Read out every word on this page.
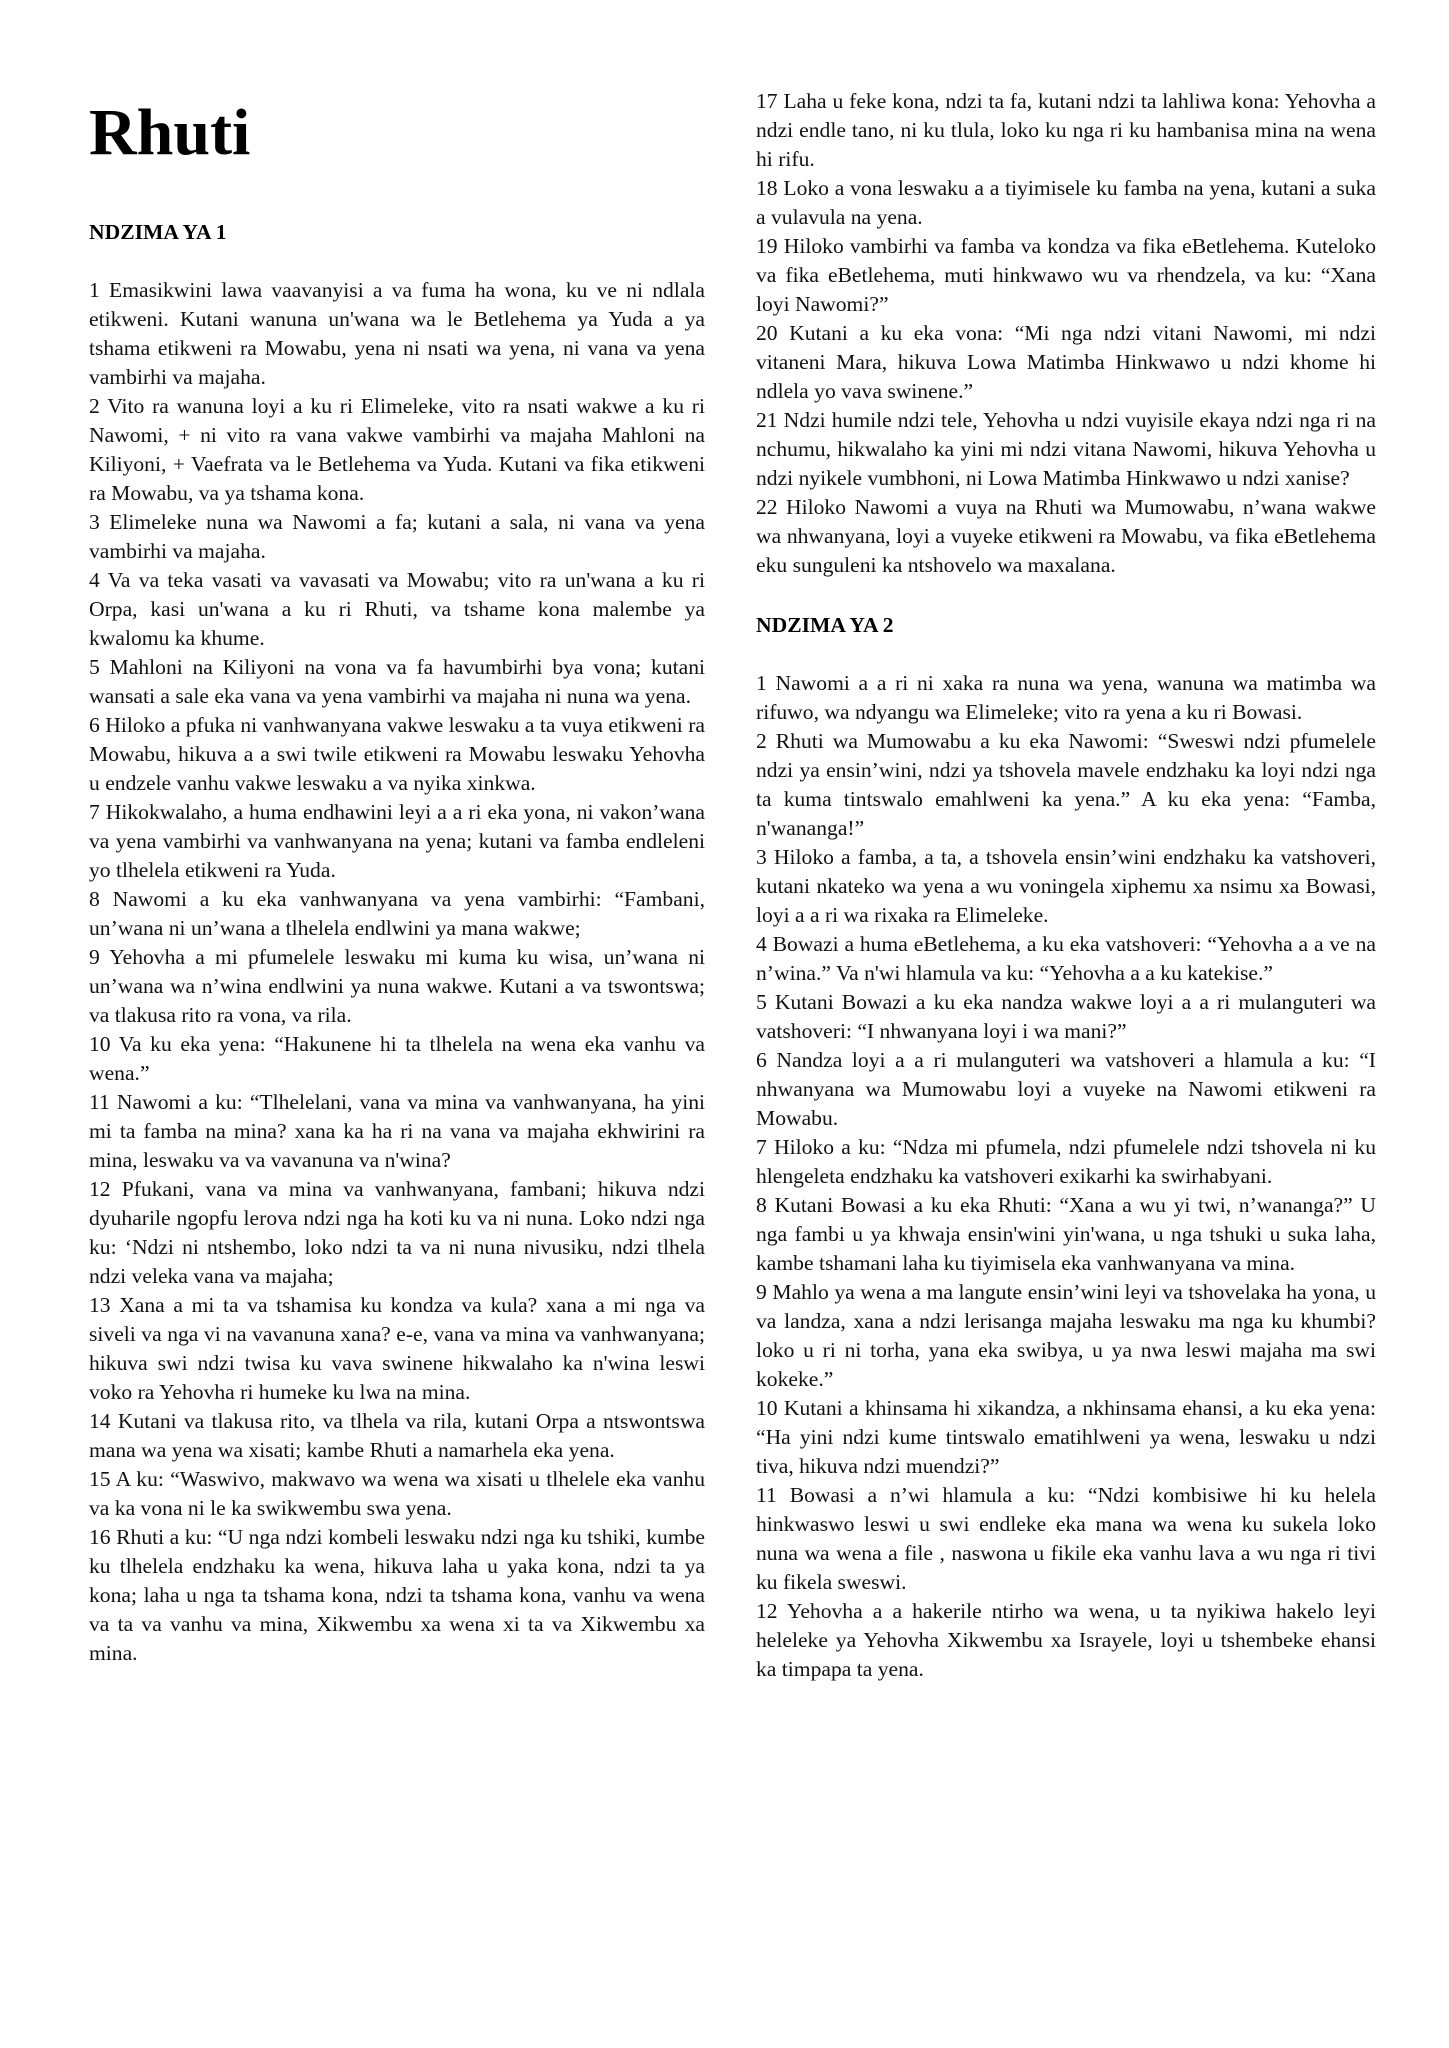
Rhuti
NDZIMA YA 1

1 Emasikwini lawa vaavanyisi a va fuma ha wona, ku ve ni ndlala etikweni. Kutani wanuna un'wana wa le Betlehema ya Yuda a ya tshama etikweni ra Mowabu, yena ni nsati wa yena, ni vana va yena vambirhi va majaha.

2 Vito ra wanuna loyi a ku ri Elimeleke, vito ra nsati wakwe a ku ri Nawomi, + ni vito ra vana vakwe vambirhi va majaha Mahloni na Kiliyoni, + Vaefrata va le Betlehema va Yuda. Kutani va fika etikweni ra Mowabu, va ya tshama kona.

3 Elimeleke nuna wa Nawomi a fa; kutani a sala, ni vana va yena vambirhi va majaha.

4 Va va teka vasati va vavasati va Mowabu; vito ra un'wana a ku ri Orpa, kasi un'wana a ku ri Rhuti, va tshame kona malembe ya kwalomu ka khume.

5 Mahloni na Kiliyoni na vona va fa havumbirhi bya vona; kutani wansati a sale eka vana va yena vambirhi va majaha ni nuna wa yena.

6 Hiloko a pfuka ni vanhwanyana vakwe leswaku a ta vuya etikweni ra Mowabu, hikuva a a swi twile etikweni ra Mowabu leswaku Yehovha u endzele vanhu vakwe leswaku a va nyika xinkwa.

7 Hikokwalaho, a huma endhawini leyi a a ri eka yona, ni vakon’wana va yena vambirhi va vanhwanyana na yena; kutani va famba endleleni yo tlhelela etikweni ra Yuda.

8 Nawomi a ku eka vanhwanyana va yena vambirhi: “Fambani, un’wana ni un’wana a tlhelela endlwini ya mana wakwe;

9 Yehovha a mi pfumelele leswaku mi kuma ku wisa, un’wana ni un’wana wa n’wina endlwini ya nuna wakwe. Kutani a va tswontswa; va tlakusa rito ra vona, va rila.

10 Va ku eka yena: “Hakunene hi ta tlhelela na wena eka vanhu va wena.”

11 Nawomi a ku: “Tlhelelani, vana va mina va vanhwanyana, ha yini mi ta famba na mina? xana ka ha ri na vana va majaha ekhwirini ra mina, leswaku va va vavanuna va n'wina?

12 Pfukani, vana va mina va vanhwanyana, fambani; hikuva ndzi dyuharile ngopfu lerova ndzi nga ha koti ku va ni nuna. Loko ndzi nga ku: ‘Ndzi ni ntshembo, loko ndzi ta va ni nuna nivusiku, ndzi tlhela ndzi veleka vana va majaha;

13 Xana a mi ta va tshamisa ku kondza va kula? xana a mi nga va siveli va nga vi na vavanuna xana? e-e, vana va mina va vanhwanyana; hikuva swi ndzi twisa ku vava swinene hikwalaho ka n'wina leswi voko ra Yehovha ri humeke ku lwa na mina.

14 Kutani va tlakusa rito, va tlhela va rila, kutani Orpa a ntswontswa mana wa yena wa xisati; kambe Rhuti a namarhela eka yena.

15 A ku: “Waswivo, makwavo wa wena wa xisati u tlhelele eka vanhu va ka vona ni le ka swikwembu swa yena.

16 Rhuti a ku: “U nga ndzi kombeli leswaku ndzi nga ku tshiki, kumbe ku tlhelela endzhaku ka wena, hikuva laha u yaka kona, ndzi ta ya kona; laha u nga ta tshama kona, ndzi ta tshama kona, vanhu va wena va ta va vanhu va mina, Xikwembu xa wena xi ta va Xikwembu xa mina.

17 Laha u feke kona, ndzi ta fa, kutani ndzi ta lahliwa kona: Yehovha a ndzi endle tano, ni ku tlula, loko ku nga ri ku hambanisa mina na wena hi rifu.

18 Loko a vona leswaku a a tiyimisele ku famba na yena, kutani a suka a vulavula na yena.

19 Hiloko vambirhi va famba va kondza va fika eBetlehema. Kuteloko va fika eBetlehema, muti hinkwawo wu va rhendzela, va ku: “Xana loyi Nawomi?”

20 Kutani a ku eka vona: “Mi nga ndzi vitani Nawomi, mi ndzi vitaneni Mara, hikuva Lowa Matimba Hinkwawo u ndzi khome hi ndlela yo vava swinene.”

21 Ndzi humile ndzi tele, Yehovha u ndzi vuyisile ekaya ndzi nga ri na nchumu, hikwalaho ka yini mi ndzi vitana Nawomi, hikuva Yehovha u ndzi nyikele vumbhoni, ni Lowa Matimba Hinkwawo u ndzi xanise?

22 Hiloko Nawomi a vuya na Rhuti wa Mumowabu, n’wana wakwe wa nhwanyana, loyi a vuyeke etikweni ra Mowabu, va fika eBetlehema eku sunguleni ka ntshovelo wa maxalana.

NDZIMA YA 2

1 Nawomi a a ri ni xaka ra nuna wa yena, wanuna wa matimba wa rifuwo, wa ndyangu wa Elimeleke; vito ra yena a ku ri Bowasi.

2 Rhuti wa Mumowabu a ku eka Nawomi: “Sweswi ndzi pfumelele ndzi ya ensin’wini, ndzi ya tshovela mavele endzhaku ka loyi ndzi nga ta kuma tintswalo emahlweni ka yena.” A ku eka yena: “Famba, n'wananga!”

3 Hiloko a famba, a ta, a tshovela ensin’wini endzhaku ka vatshoveri, kutani nkateko wa yena a wu voningela xiphemu xa nsimu xa Bowasi, loyi a a ri wa rixaka ra Elimeleke.

4 Bowazi a huma eBetlehema, a ku eka vatshoveri: “Yehovha a a ve na n’wina.” Va n'wi hlamula va ku: “Yehovha a a ku katekise.”

5 Kutani Bowazi a ku eka nandza wakwe loyi a a ri mulanguteri wa vatshoveri: “I nhwanyana loyi i wa mani?”

6 Nandza loyi a a ri mulanguteri wa vatshoveri a hlamula a ku: “I nhwanyana wa Mumowabu loyi a vuyeke na Nawomi etikweni ra Mowabu.

7 Hiloko a ku: “Ndza mi pfumela, ndzi pfumelele ndzi tshovela ni ku hlengeleta endzhaku ka vatshoveri exikarhi ka swirhabyani.

8 Kutani Bowasi a ku eka Rhuti: “Xana a wu yi twi, n’wananga?” U nga fambi u ya khwaja ensin'wini yin'wana, u nga tshuki u suka laha, kambe tshamani laha ku tiyimisela eka vanhwanyana va mina.

9 Mahlo ya wena a ma langute ensin’wini leyi va tshovelaka ha yona, u va landza, xana a ndzi lerisanga majaha leswaku ma nga ku khumbi? loko u ri ni torha, yana eka swibya, u ya nwa leswi majaha ma swi kokeke.”

10 Kutani a khinsama hi xikandza, a nkhinsama ehansi, a ku eka yena: “Ha yini ndzi kume tintswalo ematihlweni ya wena, leswaku u ndzi tiva, hikuva ndzi muendzi?”

11 Bowasi a n’wi hlamula a ku: “Ndzi kombisiwe hi ku helela hinkwaswo leswi u swi endleke eka mana wa wena ku sukela loko nuna wa wena a file , naswona u fikile eka vanhu lava a wu nga ri tivi ku fikela sweswi.

12 Yehovha a a hakerile ntirho wa wena, u ta nyikiwa hakelo leyi heleleke ya Yehovha Xikwembu xa Israyele, loyi u tshembeke ehansi ka timpapa ta yena.
